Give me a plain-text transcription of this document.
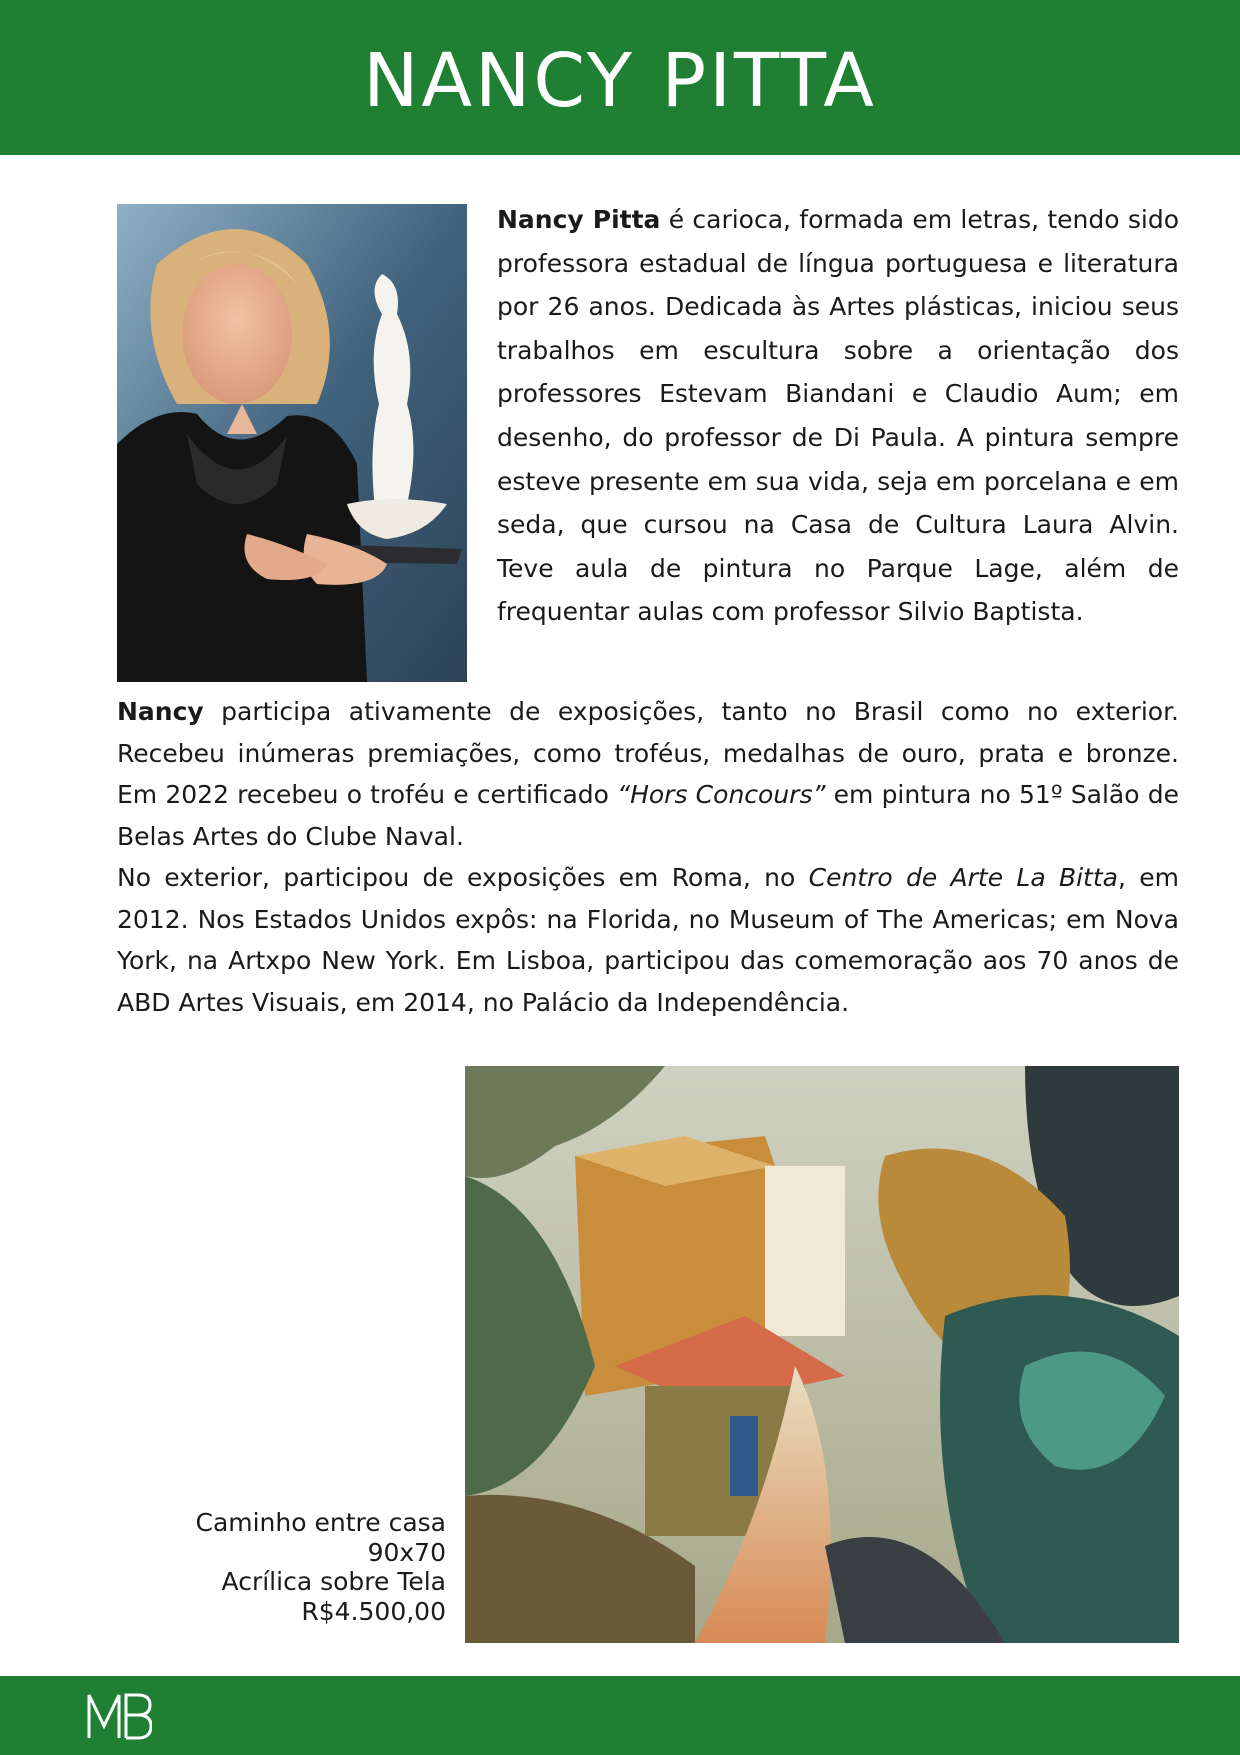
NANCY PITTA

Nancy Pitta é carioca, formada em letras, tendo sido professora estadual de língua portuguesa e literatura por 26 anos. Dedicada às Artes plásticas, iniciou seus trabalhos em escultura sobre a orientação dos professores Estevam Biandani e Claudio Aum; em desenho, do professor de Di Paula. A pintura sempre esteve presente em sua vida, seja em porcelana e em seda, que cursou na Casa de Cultura Laura Alvin. Teve aula de pintura no Parque Lage, além de frequentar aulas com professor Silvio Baptista.

Nancy participa ativamente de exposições, tanto no Brasil como no exterior. Recebeu inúmeras premiações, como troféus, medalhas de ouro, prata e bronze. Em 2022 recebeu o troféu e certificado “Hors Concours” em pintura no 51º Salão de Belas Artes do Clube Naval.

No exterior, participou de exposições em Roma, no Centro de Arte La Bitta, em 2012. Nos Estados Unidos expôs: na Florida, no Museum of The Americas; em Nova York, na Artxpo New York. Em Lisboa, participou das comemoração aos 70 anos de ABD Artes Visuais, em 2014, no Palácio da Independência.

Caminho entre casa
90x70
Acrílica sobre Tela
R$4.500,00
